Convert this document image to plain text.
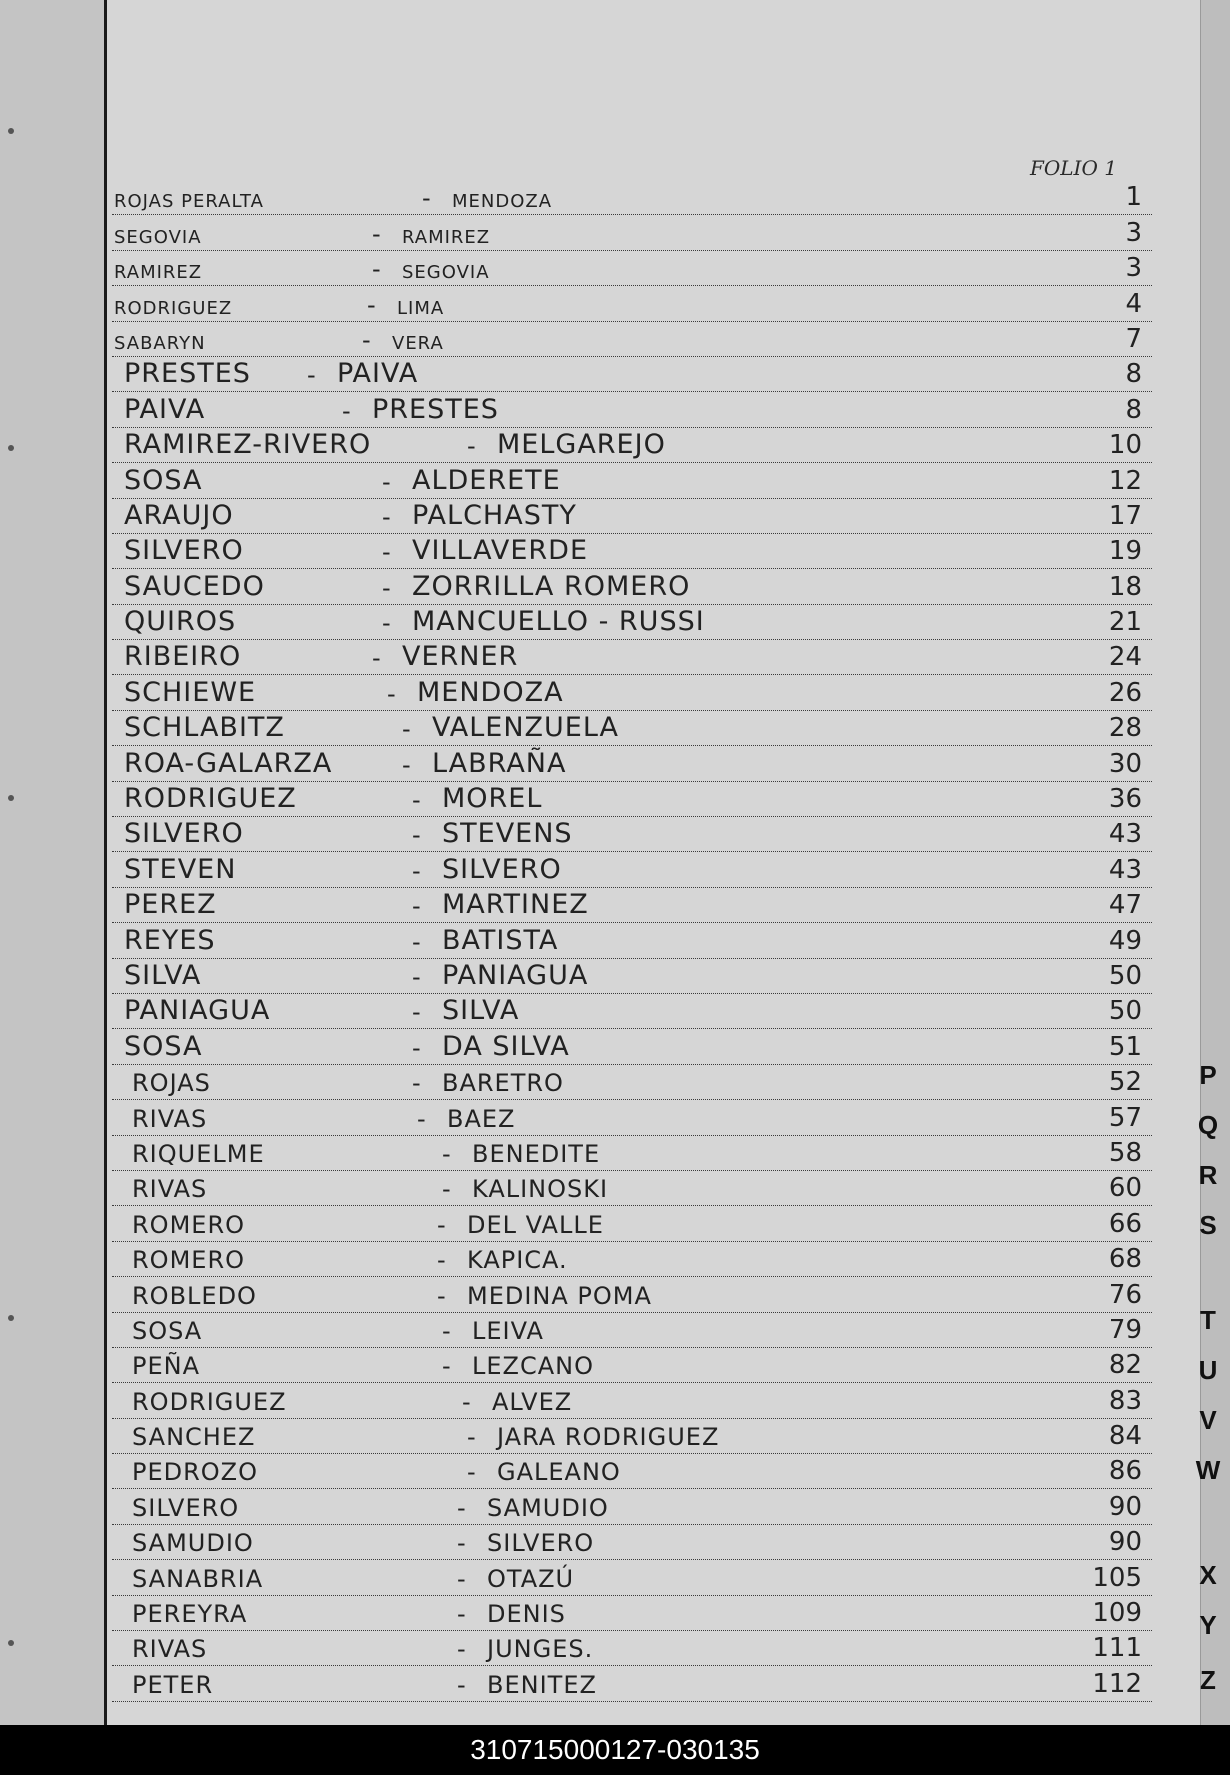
FOLIO 1
ROJAS PERALTA	- MENDOZA	1
SEGOVIA	- RAMIREZ	3
RAMIREZ	- SEGOVIA	3
RODRIGUEZ	- LIMA	4
SABARYN	- VERA	7
PRESTES - PAIVA	8
PAIVA	- PRESTES	8
RAMIREZ-RIVERO	- MELGAREJO	10
SOSA	- ALDERETE	12
ARAUJO	- PALCHASTY	17
SILVERO	- VILLAVERDE	19
SAUCEDO	- ZORRILLA ROMERO	18
QUIROS	- MANCUELLO - RUSSI	21
RIBEIRO	- VERNER	24
SCHIEWE	- MENDOZA	26
SCHLABITZ	- VALENZUELA	28
ROA-GALARZA	- LABRAÑA	30
RODRIGUEZ	- MOREL	36
SILVERO	- STEVENS	43
STEVEN	- SILVERO	43
PEREZ	- MARTINEZ	47
REYES	- BATISTA	49
SILVA	- PANIAGUA	50
PANIAGUA	- SILVA	50
SOSA	- DA SILVA	51
ROJAS	- BARETRO	52
RIVAS	- BAEZ	57
RIQUELME	- BENEDITE	58
RIVAS	- KALINOSKI	60
ROMERO	- DEL VALLE	66
ROMERO	- KAPICA.	68
ROBLEDO	- MEDINA POMA	76
SOSA	- LEIVA	79
PEÑA	- LEZCANO	82
RODRIGUEZ	- ALVEZ	83
SANCHEZ	- JARA RODRIGUEZ	84
PEDROZO	- GALEANO	86
SILVERO	- SAMUDIO	90
SAMUDIO	- SILVERO	90
SANABRIA	- OTAZÚ	105
PEREYRA	- DENIS	109
RIVAS	- JUNGES.	111
PETER	- BENITEZ	112
P
Q
R
S
T
U
V
W
X
Y
Z
310715000127-030135
